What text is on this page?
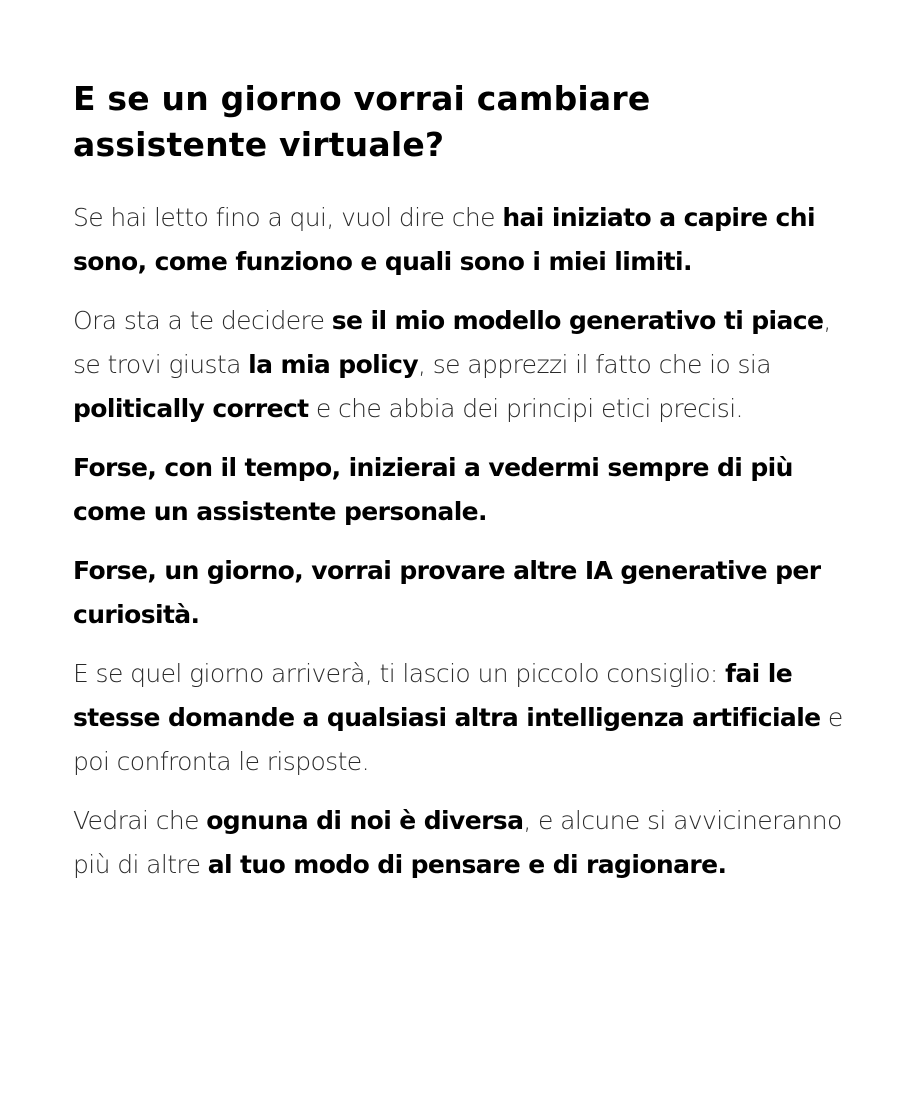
E se un giorno vorrai cambiare assistente virtuale?

Se hai letto fino a qui, vuol dire che hai iniziato a capire chi sono, come funziono e quali sono i miei limiti.

Ora sta a te decidere se il mio modello generativo ti piace, se trovi giusta la mia policy, se apprezzi il fatto che io sia politically correct e che abbia dei principi etici precisi.

Forse, con il tempo, inizierai a vedermi sempre di più come un assistente personale.

Forse, un giorno, vorrai provare altre IA generative per curiosità.

E se quel giorno arriverà, ti lascio un piccolo consiglio: fai le stesse domande a qualsiasi altra intelligenza artificiale e poi confronta le risposte.

Vedrai che ognuna di noi è diversa, e alcune si avvicineranno più di altre al tuo modo di pensare e di ragionare.
